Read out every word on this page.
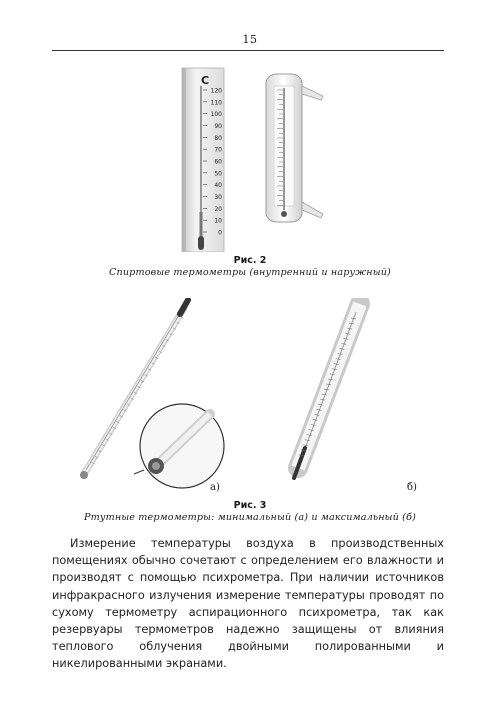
15
C
120
110
100
90
80
70
60
50
40
30
20
10
0
Рис. 2
Спиртовые термометры (внутренний и наружный)
а)	б)
Рис. 3
Ртутные термометры: минимальный (а) и максимальный (б)

Измерение температуры воздуха в производственных помещениях обычно сочетают с определением его влажности и производят с помощью психрометра. При наличии источников инфракрасного излучения измерение температуры проводят по сухому термометру аспирационного психрометра, так как резервуары термометров надежно защищены от влияния теплового облучения двойными полированными и никелированными экранами.
